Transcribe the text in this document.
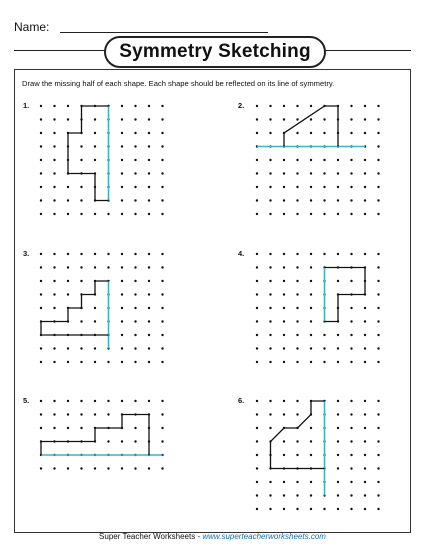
Name:
Symmetry Sketching
Draw the missing half of each shape. Each shape should be reflected on its line of symmetry.
1.	2.
3.	4.
5.	6.
Super Teacher Worksheets - www.superteacherworksheets.com
